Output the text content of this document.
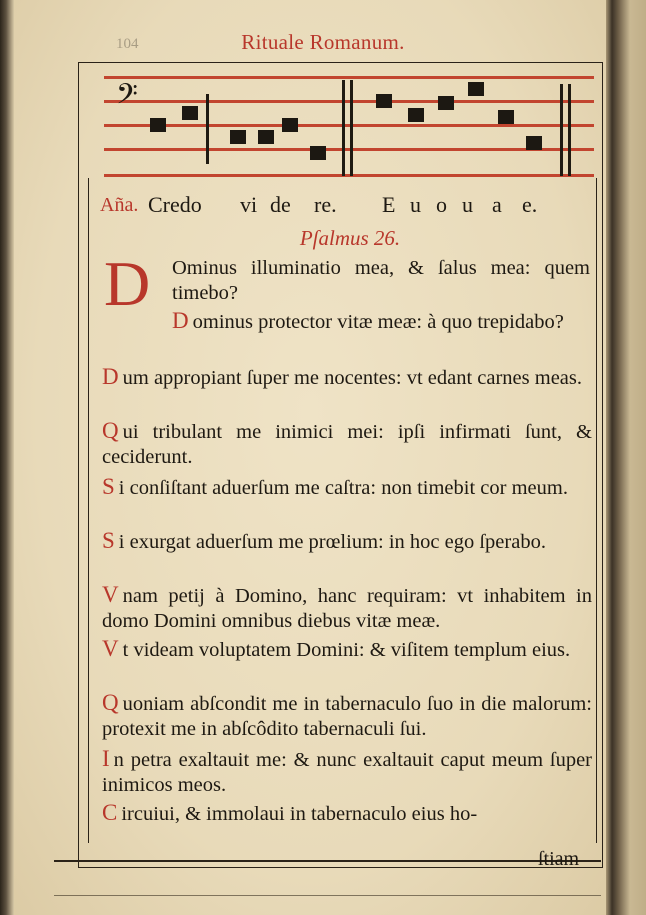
104	Rituale Romanum.
𝄢
Aña. Credo vi de re. E u o u a e.
Pſalmus 26.
D Ominus illuminatio mea, & ſalus mea: quem timebo?
D ominus protector vitæ meæ: à quo trepidabo?
D um appropiant ſuper me nocentes: vt edant carnes meas.
Q ui tribulant me inimici mei: ipſi infirmati ſunt, & ceciderunt.
S i conſiſtant aduerſum me caſtra: non timebit cor meum.
S i exurgat aduerſum me prœlium: in hoc ego ſperabo.
V nam petij à Domino, hanc requiram: vt inhabitem in domo Domini omnibus diebus vitæ meæ.
V t videam voluptatem Domini: & viſitem templum eius.
Q uoniam abſcondit me in tabernaculo ſuo in die malorum: protexit me in abſcôdito tabernaculi ſui.
I n petra exaltauit me: & nunc exaltauit caput meum ſuper inimicos meos.
C ircuiui, & immolaui in tabernaculo eius ho-
ſtiam
